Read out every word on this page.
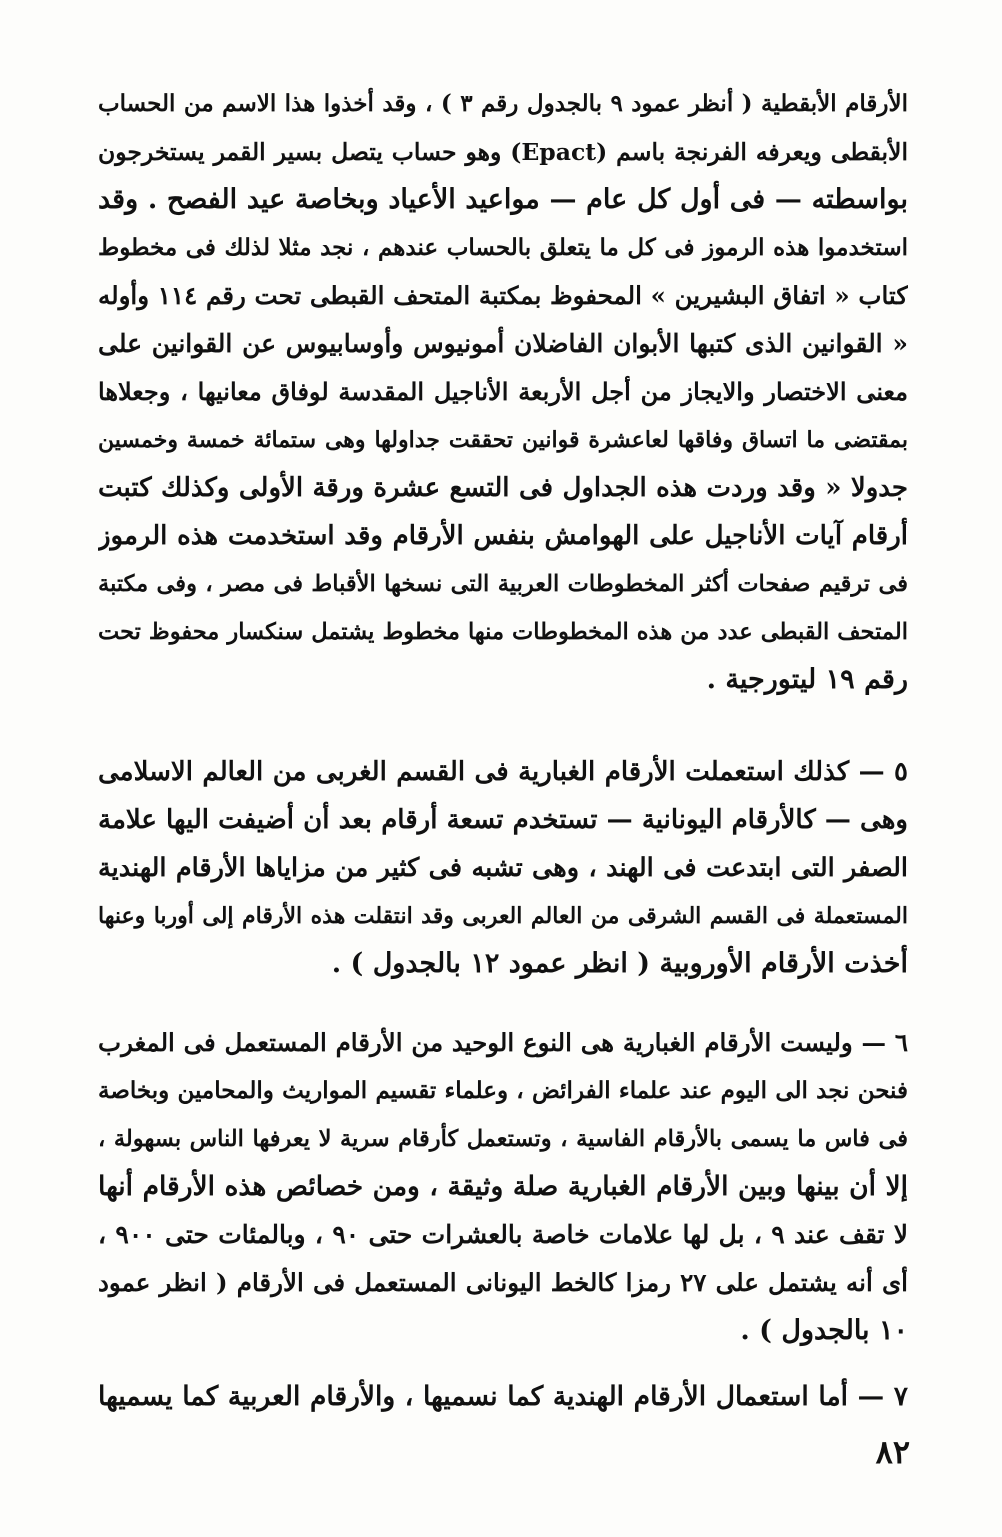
الأرقام الأبقطية ( أنظر عمود ٩ بالجدول رقم ٣ ) ، وقد أخذوا هذا الاسم من الحساب
الأبقطى ويعرفه الفرنجة باسم (Epact) وهو حساب يتصل بسير القمر يستخرجون
بواسطته — فى أول كل عام — مواعيد الأعياد وبخاصة عيد الفصح . وقد
استخدموا هذه الرموز فى كل ما يتعلق بالحساب عندهم ، نجد مثلا لذلك فى مخطوط
كتاب « اتفاق البشيرين » المحفوظ بمكتبة المتحف القبطى تحت رقم ١١٤ وأوله
« القوانين الذى كتبها الأبوان الفاضلان أمونيوس وأوسابيوس عن القوانين على
معنى الاختصار والايجاز من أجل الأربعة الأناجيل المقدسة لوفاق معانيها ، وجعلاها
بمقتضى ما اتساق وفاقها لعاعشرة قوانين تحققت جداولها وهى ستمائة خمسة وخمسين
جدولا « وقد وردت هذه الجداول فى التسع عشرة ورقة الأولى وكذلك كتبت
أرقام آيات الأناجيل على الهوامش بنفس الأرقام وقد استخدمت هذه الرموز
فى ترقيم صفحات أكثر المخطوطات العربية التى نسخها الأقباط فى مصر ، وفى مكتبة
المتحف القبطى عدد من هذه المخطوطات منها مخطوط يشتمل سنكسار محفوظ تحت
رقم ١٩ ليتورجية .
٥ — كذلك استعملت الأرقام الغبارية فى القسم الغربى من العالم الاسلامى
وهى — كالأرقام اليونانية — تستخدم تسعة أرقام بعد أن أضيفت اليها علامة
الصفر التى ابتدعت فى الهند ، وهى تشبه فى كثير من مزاياها الأرقام الهندية
المستعملة فى القسم الشرقى من العالم العربى وقد انتقلت هذه الأرقام إلى أوربا وعنها
أخذت الأرقام الأوروبية ( انظر عمود ١٢ بالجدول ) .
٦ — وليست الأرقام الغبارية هى النوع الوحيد من الأرقام المستعمل فى المغرب
فنحن نجد الى اليوم عند علماء الفرائض ، وعلماء تقسيم المواريث والمحامين وبخاصة
فى فاس ما يسمى بالأرقام الفاسية ، وتستعمل كأرقام سرية لا يعرفها الناس بسهولة ،
إلا أن بينها وبين الأرقام الغبارية صلة وثيقة ، ومن خصائص هذه الأرقام أنها
لا تقف عند ٩ ، بل لها علامات خاصة بالعشرات حتى ٩٠ ، وبالمئات حتى ٩٠٠ ،
أى أنه يشتمل على ٢٧ رمزا كالخط اليونانى المستعمل فى الأرقام ( انظر عمود
١٠ بالجدول ) .
٧ — أما استعمال الأرقام الهندية كما نسميها ، والأرقام العربية كما يسميها
٨٢
